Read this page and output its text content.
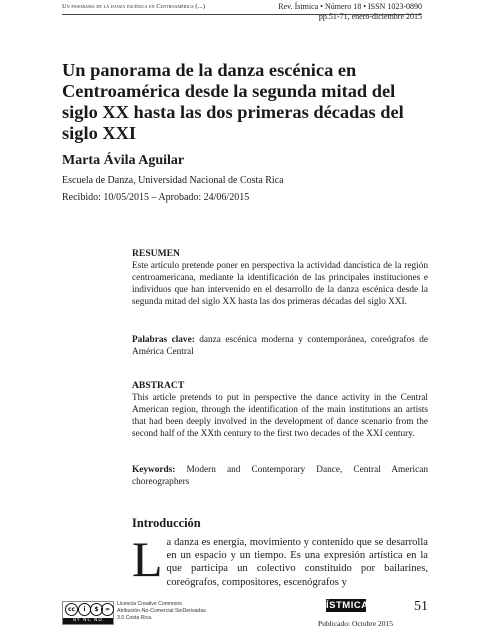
Un panorama de la danza escénica en Centroamérica (...)	Rev. Ístmica • Número 18 • ISSN 1023-0890
pp.51-71, enero-diciembre 2015
Un panorama de la danza escénica en Centroamérica desde la segunda mitad del siglo XX hasta las dos primeras décadas del siglo XXI
Marta Ávila Aguilar
Escuela de Danza, Universidad Nacional de Costa Rica
Recibido: 10/05/2015 – Aprobado: 24/06/2015
RESUMEN
Este artículo pretende poner en perspectiva la actividad dancística de la región centroamericana, mediante la identificación de las principales instituciones e individuos que han intervenido en el desarrollo de la danza escénica desde la segunda mitad del siglo XX hasta las dos primeras décadas del siglo XXI.
Palabras clave: danza escénica moderna y contemporánea, coreógrafos de América Central
ABSTRACT
This article pretends to put in perspective the dance activity in the Central American region, through the identification of the main institutions an artists that had been deeply involved in the development of dance scenario from the second half of the XXth century to the first two decades of the XXI century.
Keywords: Modern and Contemporary Dance, Central American choreographers
Introducción

La danza es energía, movimiento y contenido que se desarrolla en un espacio y un tiempo. Es una expresión artística en la que participa un colectivo constituido por bailarines, coreógrafos, compositores, escenógrafos y

cc	i	$	=
BY NC ND
Licencia Creative Commons
Atribución-No-Comercial SinDerivadas
3.0 Costa Rica.
ÍSTMICA
Publicado: Octubre 2015
51
